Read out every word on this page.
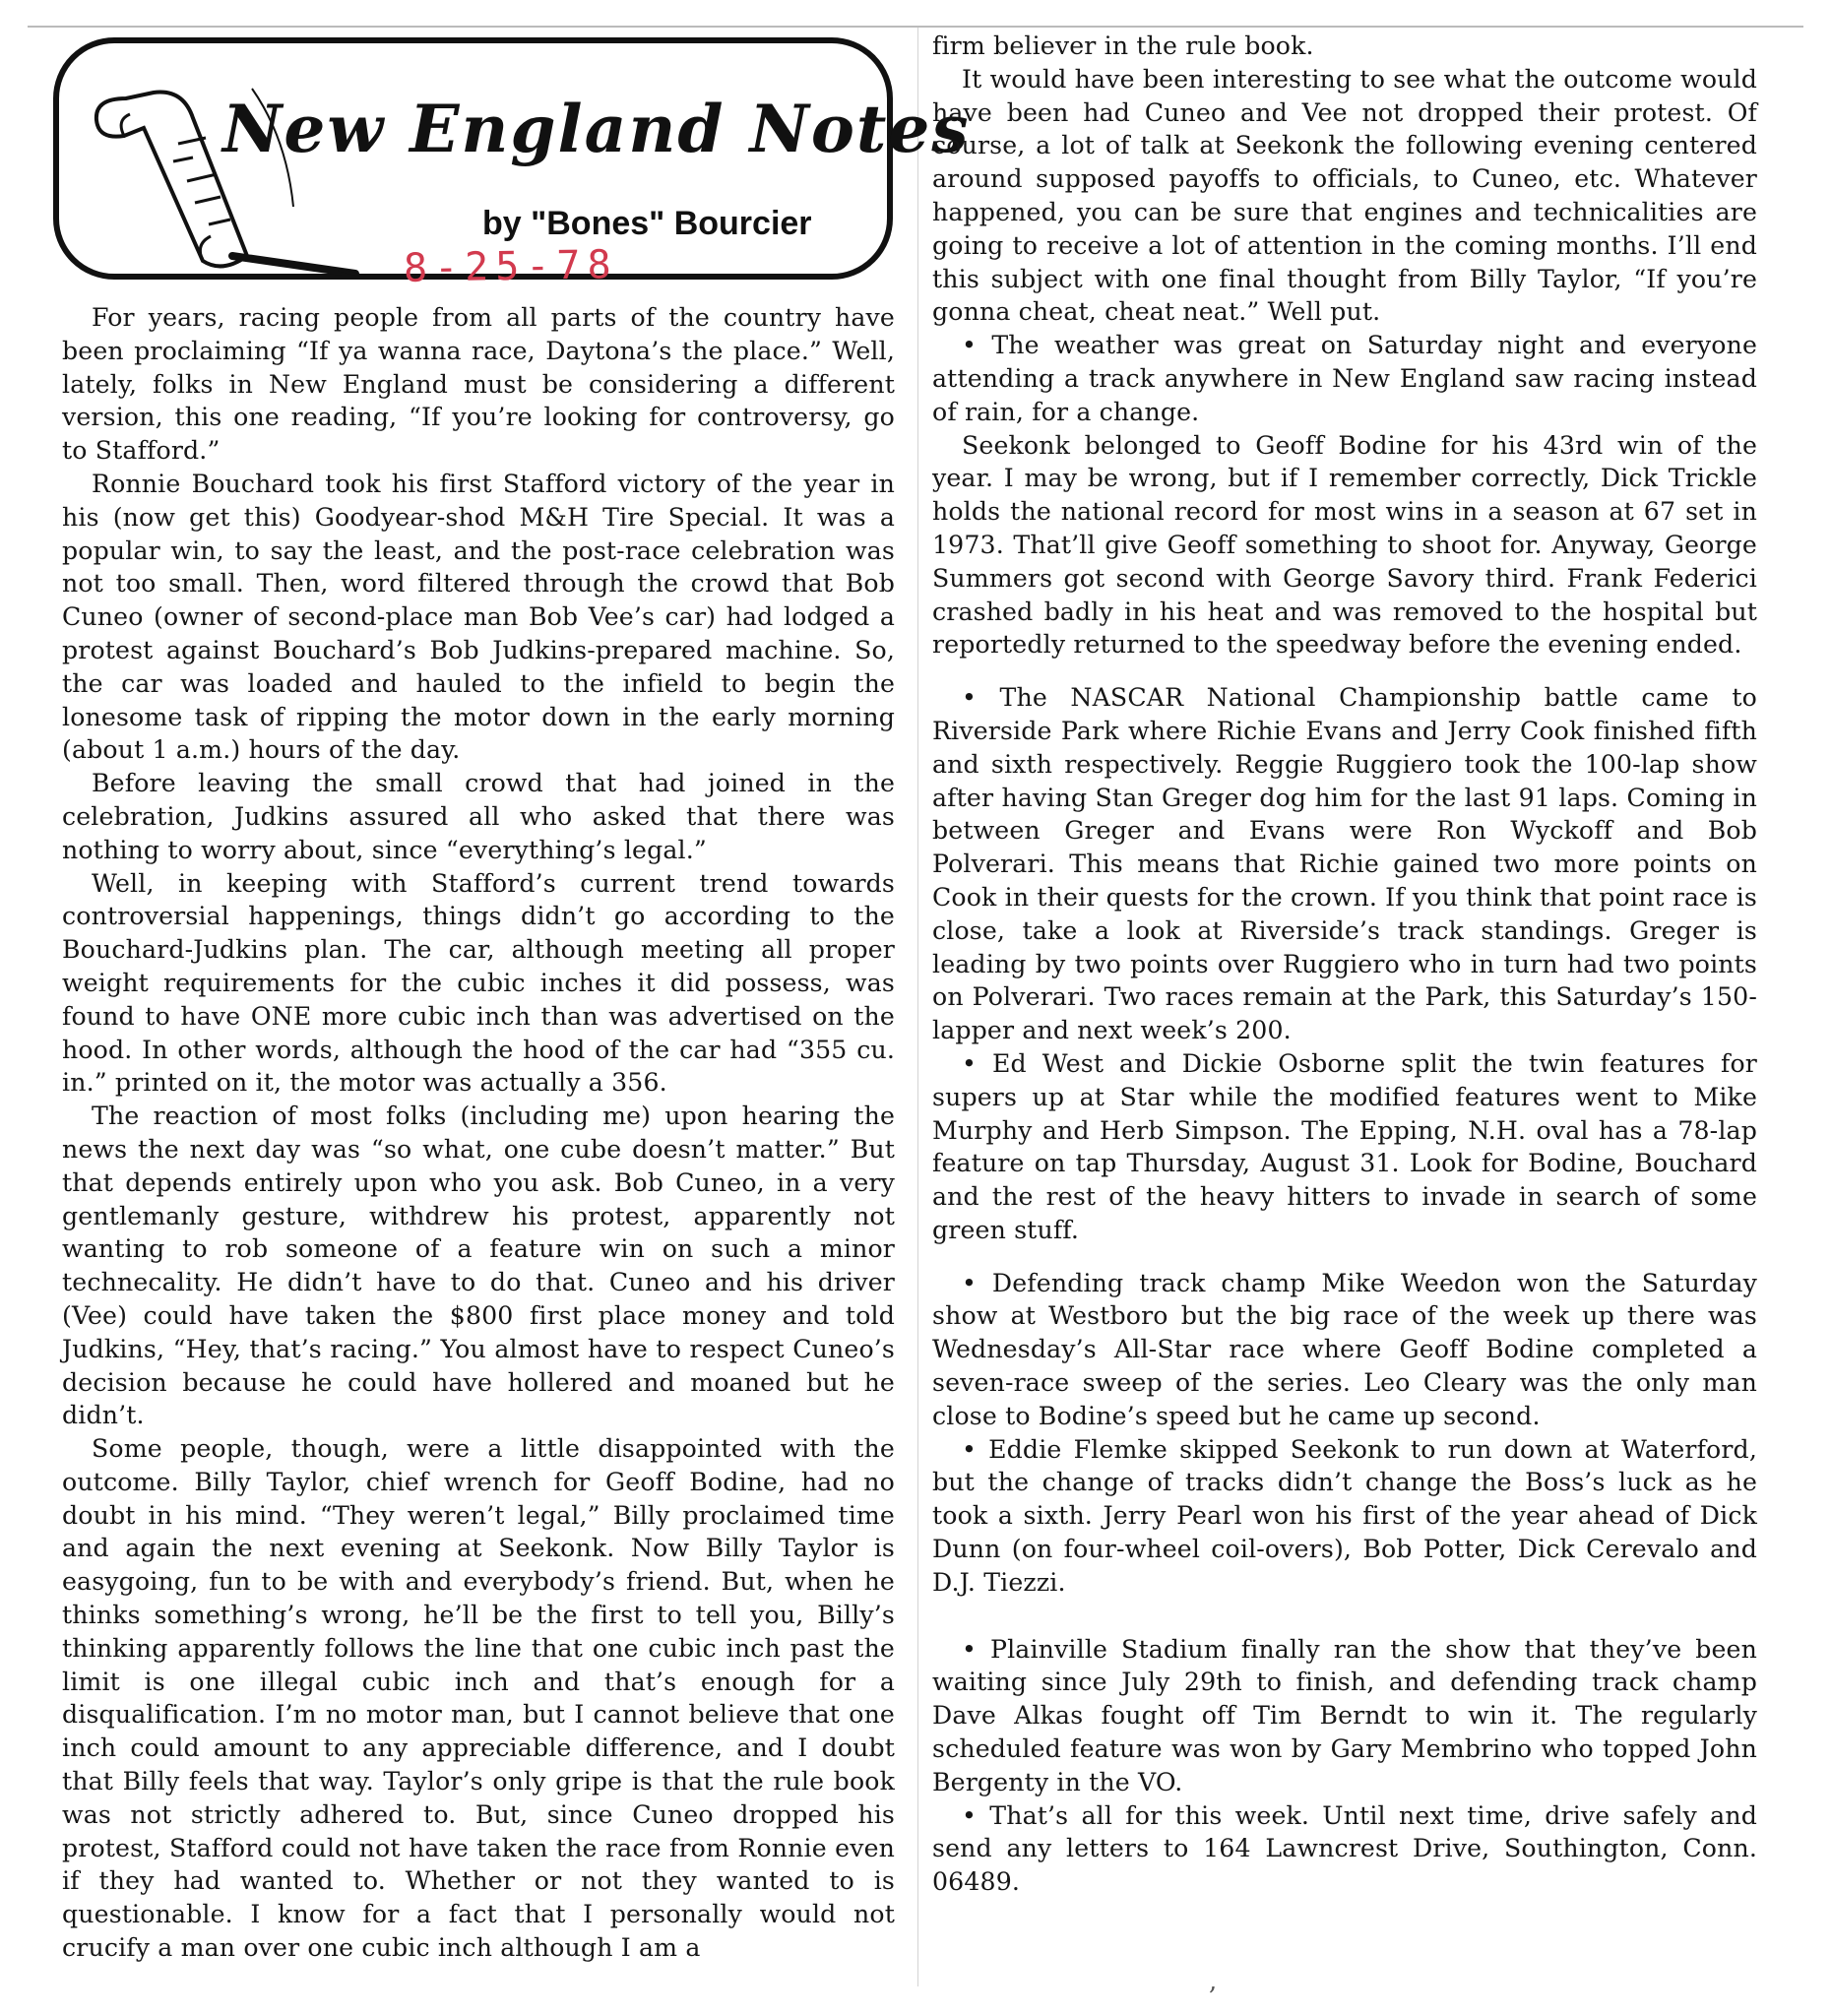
New England Notes
by "Bones" Bourcier
8-25-78

For years, racing people from all parts of the country have been proclaiming “If ya wanna race, Daytona’s the place.” Well, lately, folks in New England must be considering a different version, this one reading, “If you’re looking for controversy, go to Stafford.”

Ronnie Bouchard took his first Stafford victory of the year in his (now get this) Goodyear-shod M&H Tire Special. It was a popular win, to say the least, and the post-race celebration was not too small. Then, word filtered through the crowd that Bob Cuneo (owner of second-place man Bob Vee’s car) had lodged a protest against Bouchard’s Bob Judkins-prepared machine. So, the car was loaded and hauled to the infield to begin the lonesome task of ripping the motor down in the early morning (about 1 a.m.) hours of the day.

Before leaving the small crowd that had joined in the celebration, Judkins assured all who asked that there was nothing to worry about, since “everything’s legal.”

Well, in keeping with Stafford’s current trend towards controversial happenings, things didn’t go according to the Bouchard-Judkins plan. The car, although meeting all proper weight requirements for the cubic inches it did possess, was found to have ONE more cubic inch than was advertised on the hood. In other words, although the hood of the car had “355 cu. in.” printed on it, the motor was actually a 356.

The reaction of most folks (including me) upon hearing the news the next day was “so what, one cube doesn’t matter.” But that depends entirely upon who you ask. Bob Cuneo, in a very gentlemanly gesture, withdrew his protest, apparently not wanting to rob someone of a feature win on such a minor technecality. He didn’t have to do that. Cuneo and his driver (Vee) could have taken the $800 first place money and told Judkins, “Hey, that’s racing.” You almost have to respect Cuneo’s decision because he could have hollered and moaned but he didn’t.

Some people, though, were a little disappointed with the outcome. Billy Taylor, chief wrench for Geoff Bodine, had no doubt in his mind. “They weren’t legal,” Billy proclaimed time and again the next evening at Seekonk. Now Billy Taylor is easygoing, fun to be with and everybody’s friend. But, when he thinks something’s wrong, he’ll be the first to tell you, Billy’s thinking apparently follows the line that one cubic inch past the limit is one illegal cubic inch and that’s enough for a disqualification. I’m no motor man, but I cannot believe that one inch could amount to any appreciable difference, and I doubt that Billy feels that way. Taylor’s only gripe is that the rule book was not strictly adhered to. But, since Cuneo dropped his protest, Stafford could not have taken the race from Ronnie even if they had wanted to. Whether or not they wanted to is questionable. I know for a fact that I personally would not crucify a man over one cubic inch although I am a

firm believer in the rule book.

It would have been interesting to see what the outcome would have been had Cuneo and Vee not dropped their protest. Of course, a lot of talk at Seekonk the following evening centered around supposed payoffs to officials, to Cuneo, etc. Whatever happened, you can be sure that engines and technicalities are going to receive a lot of attention in the coming months. I’ll end this subject with one final thought from Billy Taylor, “If you’re gonna cheat, cheat neat.” Well put.

• The weather was great on Saturday night and everyone attending a track anywhere in New England saw racing instead of rain, for a change.

Seekonk belonged to Geoff Bodine for his 43rd win of the year. I may be wrong, but if I remember correctly, Dick Trickle holds the national record for most wins in a season at 67 set in 1973. That’ll give Geoff something to shoot for. Anyway, George Summers got second with George Savory third. Frank Federici crashed badly in his heat and was removed to the hospital but reportedly returned to the speedway before the evening ended.

• The NASCAR National Championship battle came to Riverside Park where Richie Evans and Jerry Cook finished fifth and sixth respectively. Reggie Ruggiero took the 100-lap show after having Stan Greger dog him for the last 91 laps. Coming in between Greger and Evans were Ron Wyckoff and Bob Polverari. This means that Richie gained two more points on Cook in their quests for the crown. If you think that point race is close, take a look at Riverside’s track standings. Greger is leading by two points over Ruggiero who in turn had two points on Polverari. Two races remain at the Park, this Saturday’s 150-lapper and next week’s 200.

• Ed West and Dickie Osborne split the twin features for supers up at Star while the modified features went to Mike Murphy and Herb Simpson. The Epping, N.H. oval has a 78-lap feature on tap Thursday, August 31. Look for Bodine, Bouchard and the rest of the heavy hitters to invade in search of some green stuff.

• Defending track champ Mike Weedon won the Saturday show at Westboro but the big race of the week up there was Wednesday’s All-Star race where Geoff Bodine completed a seven-race sweep of the series. Leo Cleary was the only man close to Bodine’s speed but he came up second.

• Eddie Flemke skipped Seekonk to run down at Waterford, but the change of tracks didn’t change the Boss’s luck as he took a sixth. Jerry Pearl won his first of the year ahead of Dick Dunn (on four-wheel coil-overs), Bob Potter, Dick Cerevalo and D.J. Tiezzi.

• Plainville Stadium finally ran the show that they’ve been waiting since July 29th to finish, and defending track champ Dave Alkas fought off Tim Berndt to win it. The regularly scheduled feature was won by Gary Membrino who topped John Bergenty in the VO.

• That’s all for this week. Until next time, drive safely and send any letters to 164 Lawncrest Drive, Southington, Conn. 06489.

,
